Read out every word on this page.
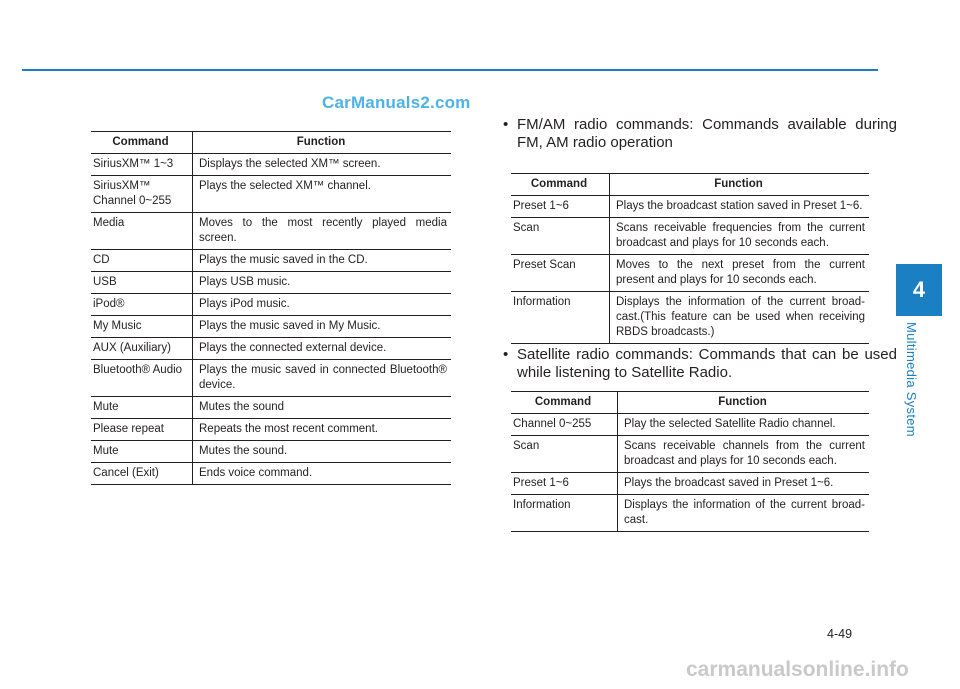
CarManuals2.com
Command	Function
SiriusXM™ 1~3	Displays the selected XM™ screen.
SiriusXM™
Channel 0~255	Plays the selected XM™ channel.
Media	Moves to the most recently played media screen.
CD	Plays the music saved in the CD.
USB	Plays USB music.
iPod®	Plays iPod music.
My Music	Plays the music saved in My Music.
AUX (Auxiliary)	Plays the connected external device.
Bluetooth® Audio	Plays the music saved in connected Bluetooth® device.
Mute	Mutes the sound
Please repeat	Repeats the most recent comment.
Mute	Mutes the sound.
Cancel (Exit)	Ends voice command.
• FM/AM radio commands: Commands available during FM, AM radio operation
Command	Function
Preset 1~6	Plays the broadcast station saved in Preset 1~6.
Scan	Scans receivable frequencies from the current broadcast and plays for 10 seconds each.
Preset Scan	Moves to the next preset from the current present and plays for 10 seconds each.
Information	Displays the information of the current broad-cast.(This feature can be used when receiving RBDS broadcasts.)
• Satellite radio commands: Commands that can be used while listening to Satellite Radio.
Command	Function
Channel 0~255	Play the selected Satellite Radio channel.
Scan	Scans receivable channels from the current broadcast and plays for 10 seconds each.
Preset 1~6	Plays the broadcast saved in Preset 1~6.
Information	Displays the information of the current broad-cast.
4
Multimedia System
4-49
carmanualsonline.info
